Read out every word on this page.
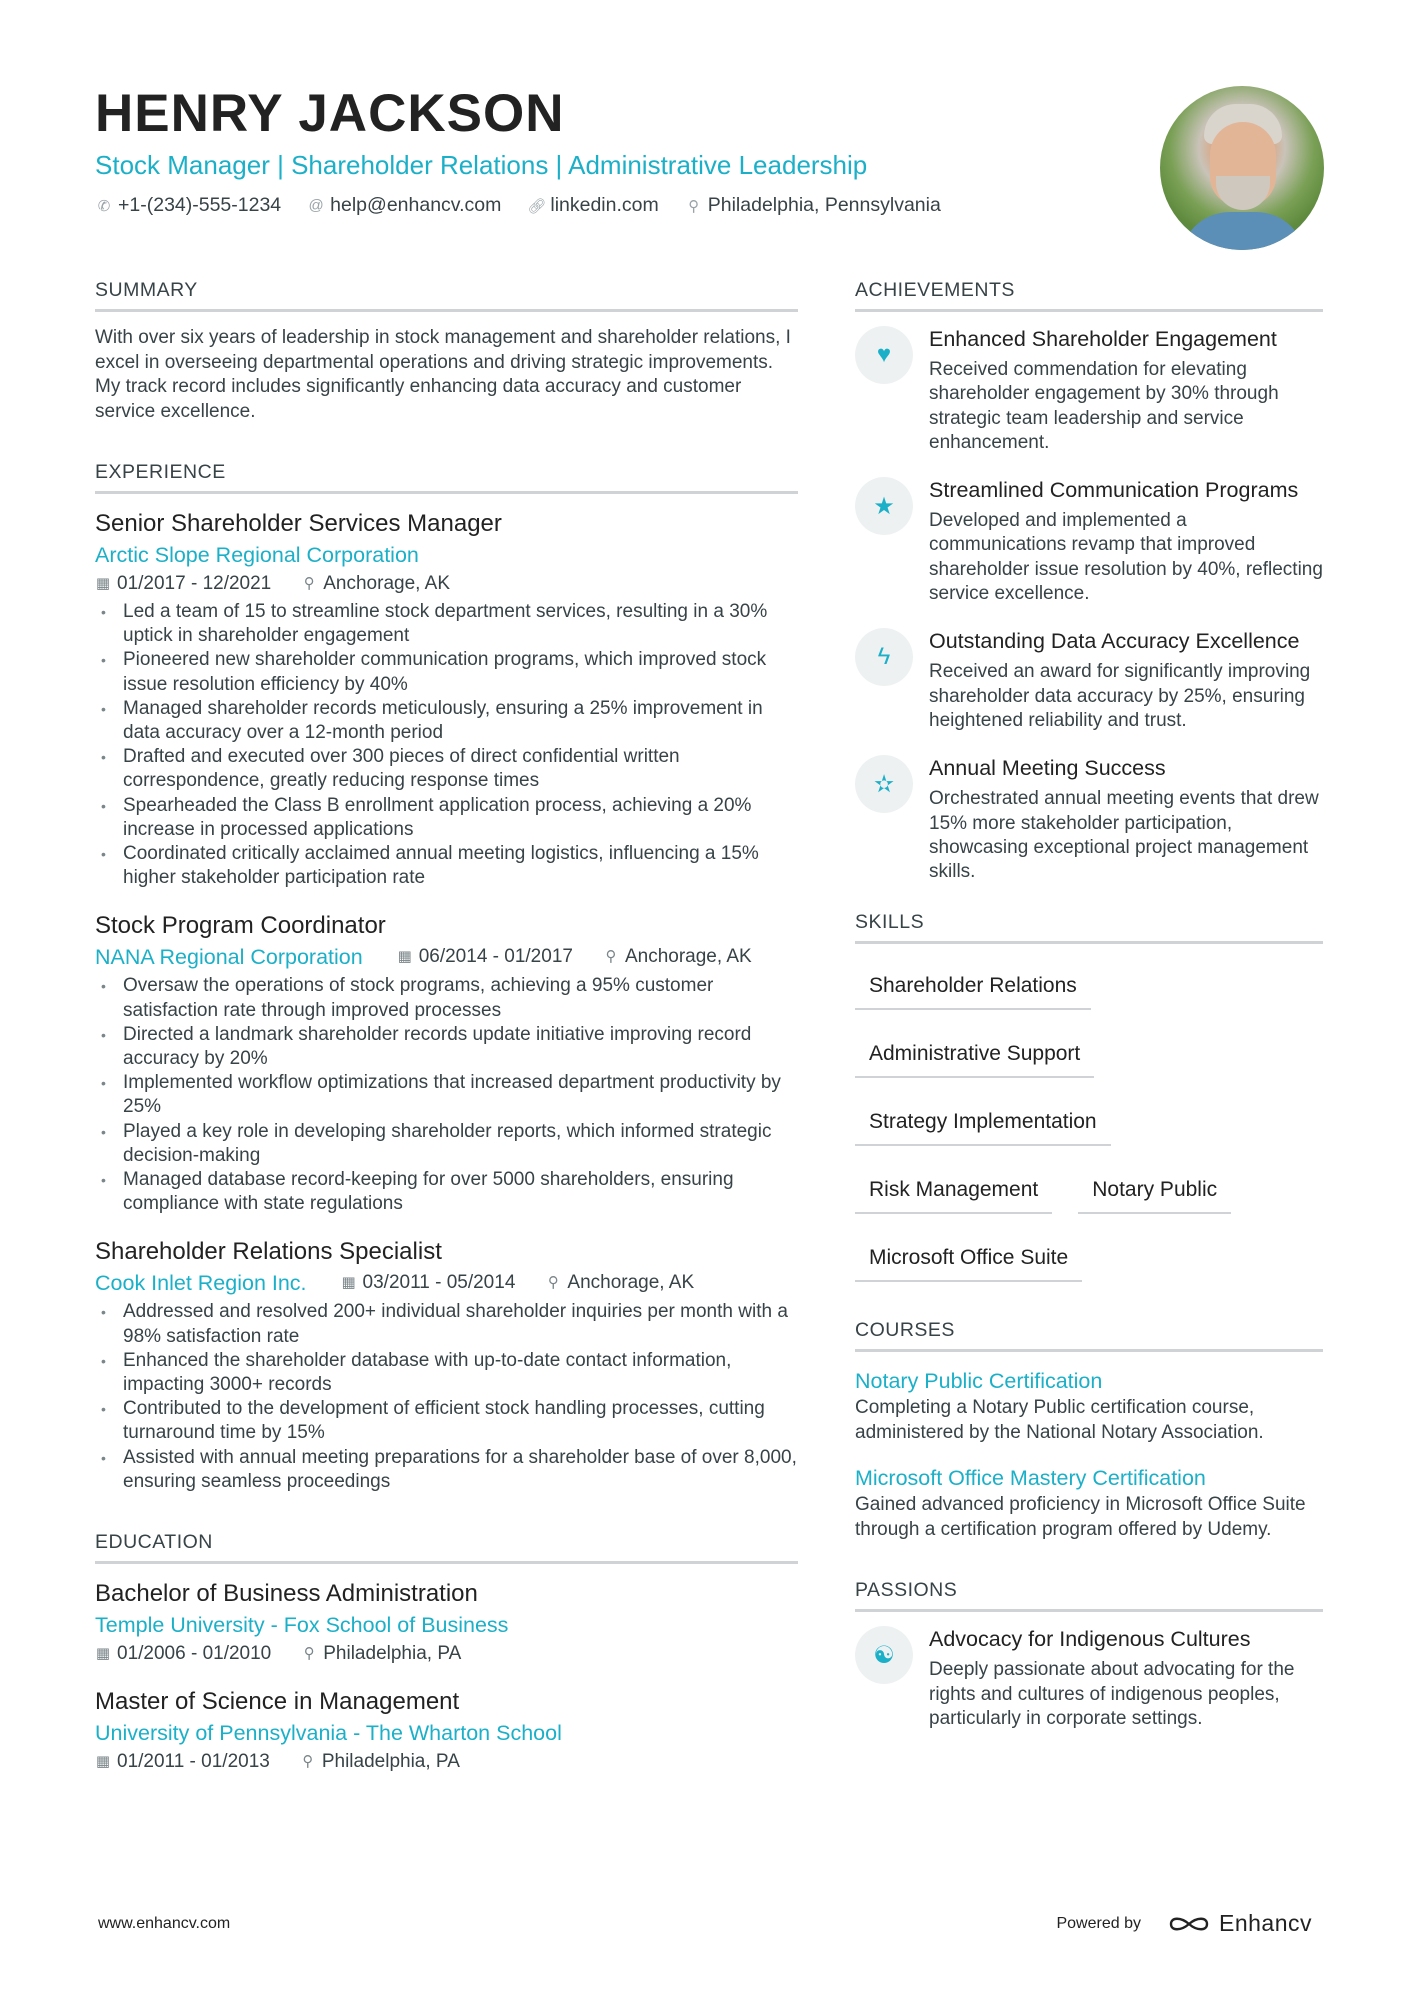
HENRY JACKSON
Stock Manager | Shareholder Relations | Administrative Leadership
✆ +1-(234)-555-1234 @ help@enhancv.com 🔗︎ linkedin.com ⚲ Philadelphia, Pennsylvania
SUMMARY
With over six years of leadership in stock management and shareholder relations, I excel in overseeing departmental operations and driving strategic improvements. My track record includes significantly enhancing data accuracy and customer service excellence.
EXPERIENCE
Senior Shareholder Services Manager
Arctic Slope Regional Corporation
▦ 01/2017 - 12/2021 ⚲ Anchorage, AK
• Led a team of 15 to streamline stock department services, resulting in a 30% uptick in shareholder engagement
• Pioneered new shareholder communication programs, which improved stock issue resolution efficiency by 40%
• Managed shareholder records meticulously, ensuring a 25% improvement in data accuracy over a 12-month period
• Drafted and executed over 300 pieces of direct confidential written correspondence, greatly reducing response times
• Spearheaded the Class B enrollment application process, achieving a 20% increase in processed applications
• Coordinated critically acclaimed annual meeting logistics, influencing a 15% higher stakeholder participation rate
Stock Program Coordinator
NANA Regional Corporation ▦ 06/2014 - 01/2017 ⚲ Anchorage, AK
• Oversaw the operations of stock programs, achieving a 95% customer satisfaction rate through improved processes
• Directed a landmark shareholder records update initiative improving record accuracy by 20%
• Implemented workflow optimizations that increased department productivity by 25%
• Played a key role in developing shareholder reports, which informed strategic decision-making
• Managed database record-keeping for over 5000 shareholders, ensuring compliance with state regulations
Shareholder Relations Specialist
Cook Inlet Region Inc. ▦ 03/2011 - 05/2014 ⚲ Anchorage, AK
• Addressed and resolved 200+ individual shareholder inquiries per month with a 98% satisfaction rate
• Enhanced the shareholder database with up-to-date contact information, impacting 3000+ records
• Contributed to the development of efficient stock handling processes, cutting turnaround time by 15%
• Assisted with annual meeting preparations for a shareholder base of over 8,000, ensuring seamless proceedings
EDUCATION
Bachelor of Business Administration
Temple University - Fox School of Business
▦ 01/2006 - 01/2010 ⚲ Philadelphia, PA
Master of Science in Management
University of Pennsylvania - The Wharton School
▦ 01/2011 - 01/2013 ⚲ Philadelphia, PA
ACHIEVEMENTS
♥
Enhanced Shareholder Engagement
Received commendation for elevating shareholder engagement by 30% through strategic team leadership and service enhancement.
★
Streamlined Communication Programs
Developed and implemented a communications revamp that improved shareholder issue resolution by 40%, reflecting service excellence.
ϟ
Outstanding Data Accuracy Excellence
Received an award for significantly improving shareholder data accuracy by 25%, ensuring heightened reliability and trust.
✫
Annual Meeting Success
Orchestrated annual meeting events that drew 15% more stakeholder participation, showcasing exceptional project management skills.
SKILLS
Shareholder Relations
Administrative Support
Strategy Implementation
Risk Management	Notary Public
Microsoft Office Suite
COURSES
Notary Public Certification
Completing a Notary Public certification course, administered by the National Notary Association.
Microsoft Office Mastery Certification
Gained advanced proficiency in Microsoft Office Suite through a certification program offered by Udemy.
PASSIONS
☯
Advocacy for Indigenous Cultures
Deeply passionate about advocating for the rights and cultures of indigenous peoples, particularly in corporate settings.
www.enhancv.com	Powered by	Enhancv
